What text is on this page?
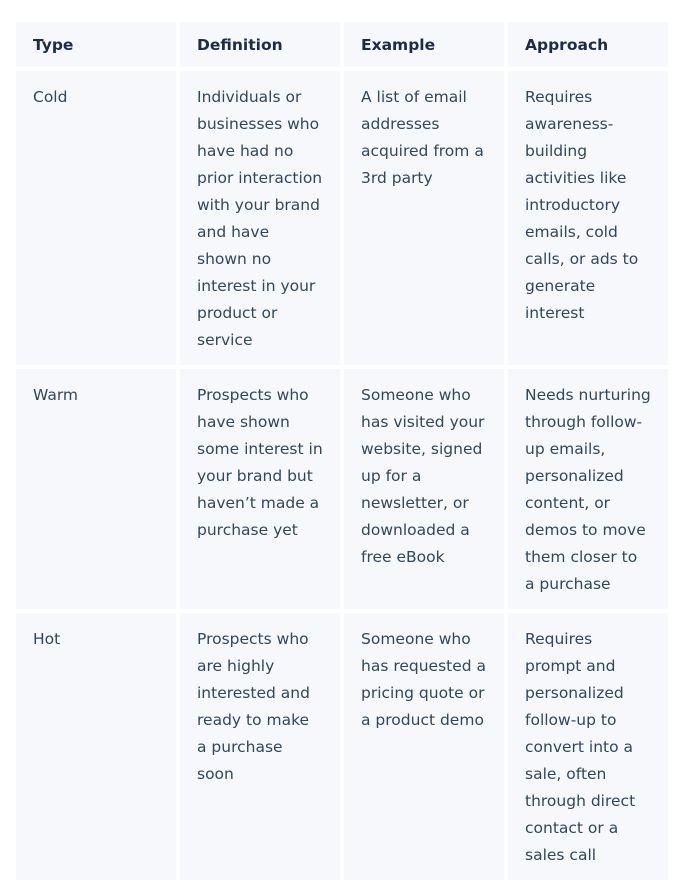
Type	Definition	Example	Approach
Cold	Individuals or businesses who have had no prior interaction with your brand and have shown no interest in your product or service	A list of email addresses acquired from a 3rd party	Requires awareness-building activities like introductory emails, cold calls, or ads to generate interest
Warm	Prospects who have shown some interest in your brand but haven’t made a purchase yet	Someone who has visited your website, signed up for a newsletter, or downloaded a free eBook	Needs nurturing through follow-up emails, personalized content, or demos to move them closer to a purchase
Hot	Prospects who are highly interested and ready to make a purchase soon	Someone who has requested a pricing quote or a product demo	Requires prompt and personalized follow-up to convert into a sale, often through direct contact or a sales call
